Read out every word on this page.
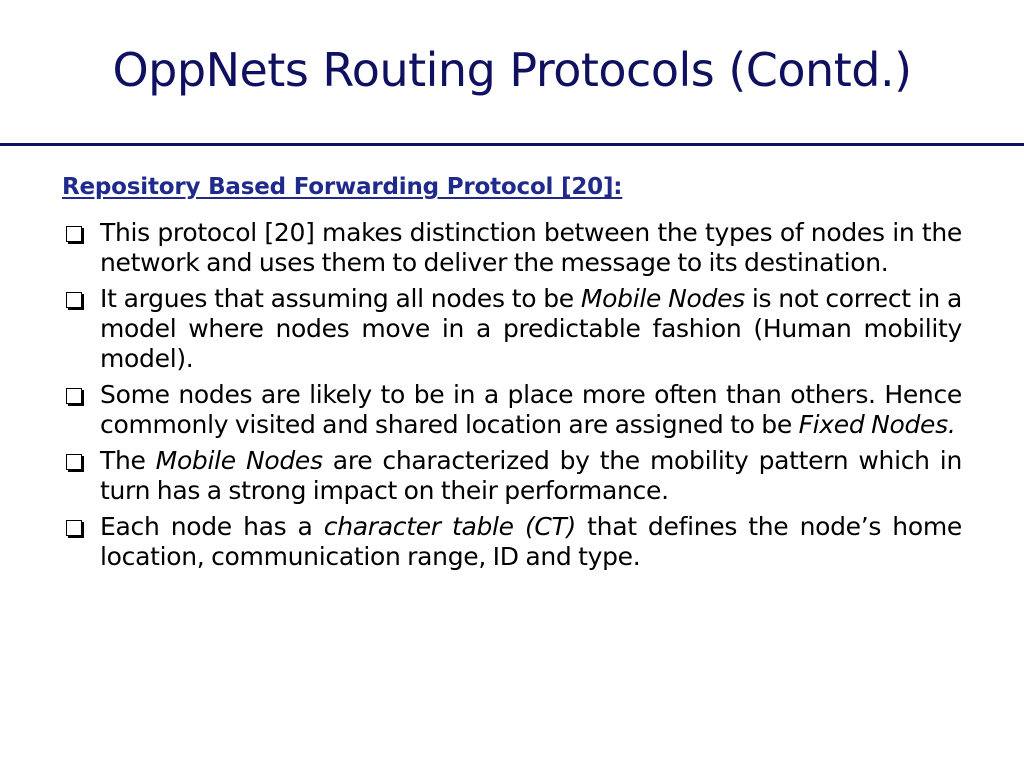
OppNets Routing Protocols (Contd.)
Repository Based Forwarding Protocol [20]:
This protocol [20] makes distinction between the types of nodes in the network and uses them to deliver the message to its destination.
It argues that assuming all nodes to be Mobile Nodes is not correct in a model where nodes move in a predictable fashion (Human mobility model).
Some nodes are likely to be in a place more often than others. Hence commonly visited and shared location are assigned to be Fixed Nodes.
The Mobile Nodes are characterized by the mobility pattern which in turn has a strong impact on their performance.
Each node has a character table (CT) that defines the node’s home location, communication range, ID and type.
